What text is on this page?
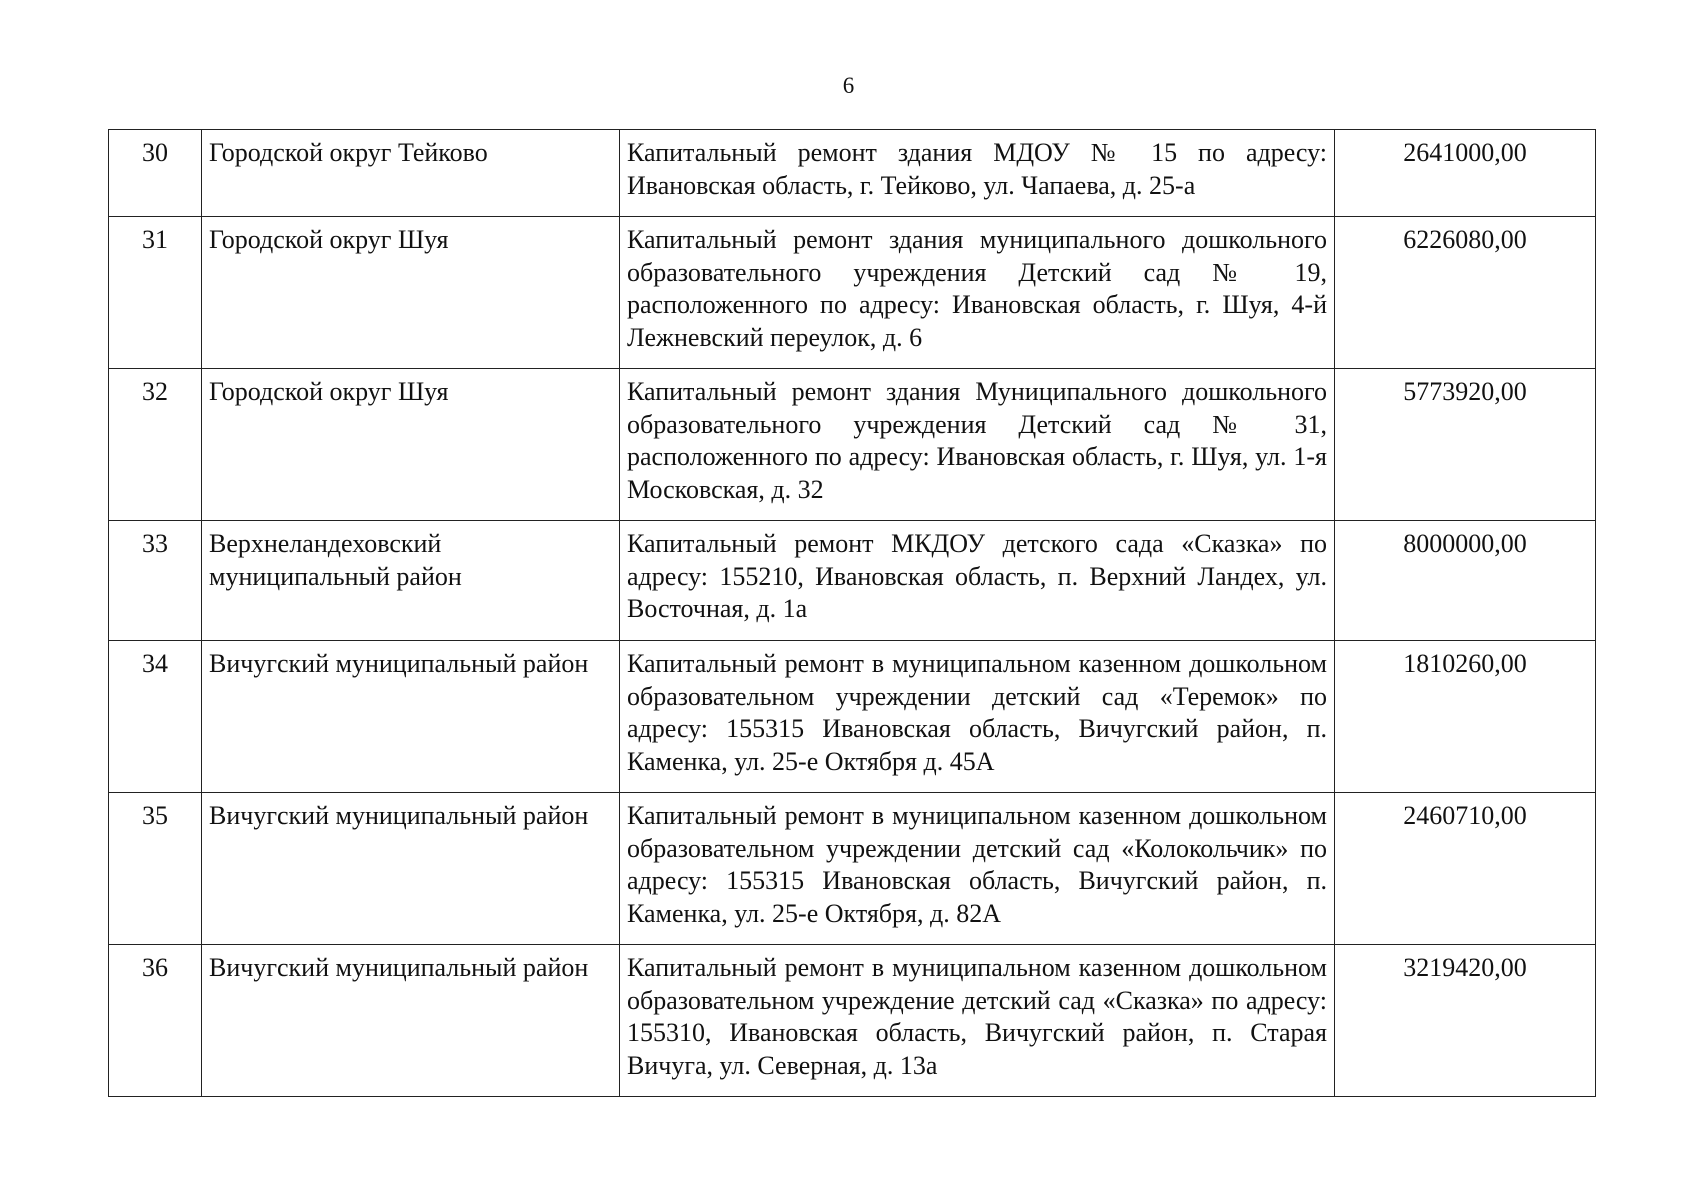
6
30	Городской округ Тейково	Капитальный ремонт здания МДОУ № 15 по адресу: Ивановская область, г. Тейково, ул. Чапаева, д. 25-а	2641000,00
31	Городской округ Шуя	Капитальный ремонт здания муниципального дошкольного образовательного учреждения Детский сад № 19, расположенного по адресу: Ивановская область, г. Шуя, 4-й Лежневский переулок, д. 6	6226080,00
32	Городской округ Шуя	Капитальный ремонт здания Муниципального дошкольного образовательного учреждения Детский сад № 31, расположенного по адресу: Ивановская область, г. Шуя, ул. 1-я Московская, д. 32	5773920,00
33	Верхнеландеховский муниципальный район	Капитальный ремонт МКДОУ детского сада «Сказка» по адресу: 155210, Ивановская область, п. Верхний Ландех, ул. Восточная, д. 1а	8000000,00
34	Вичугский муниципальный район	Капитальный ремонт в муниципальном казенном дошкольном образовательном учреждении детский сад «Теремок» по адресу: 155315 Ивановская область, Вичугский район, п. Каменка, ул. 25-е Октября д. 45А	1810260,00
35	Вичугский муниципальный район	Капитальный ремонт в муниципальном казенном дошкольном образовательном учреждении детский сад «Колокольчик» по адресу: 155315 Ивановская область, Вичугский район, п. Каменка, ул. 25-е Октября, д. 82А	2460710,00
36	Вичугский муниципальный район	Капитальный ремонт в муниципальном казенном дошкольном образовательном учреждение детский сад «Сказка» по адресу: 155310, Ивановская область, Вичугский район, п. Старая Вичуга, ул. Северная, д. 13а	3219420,00
